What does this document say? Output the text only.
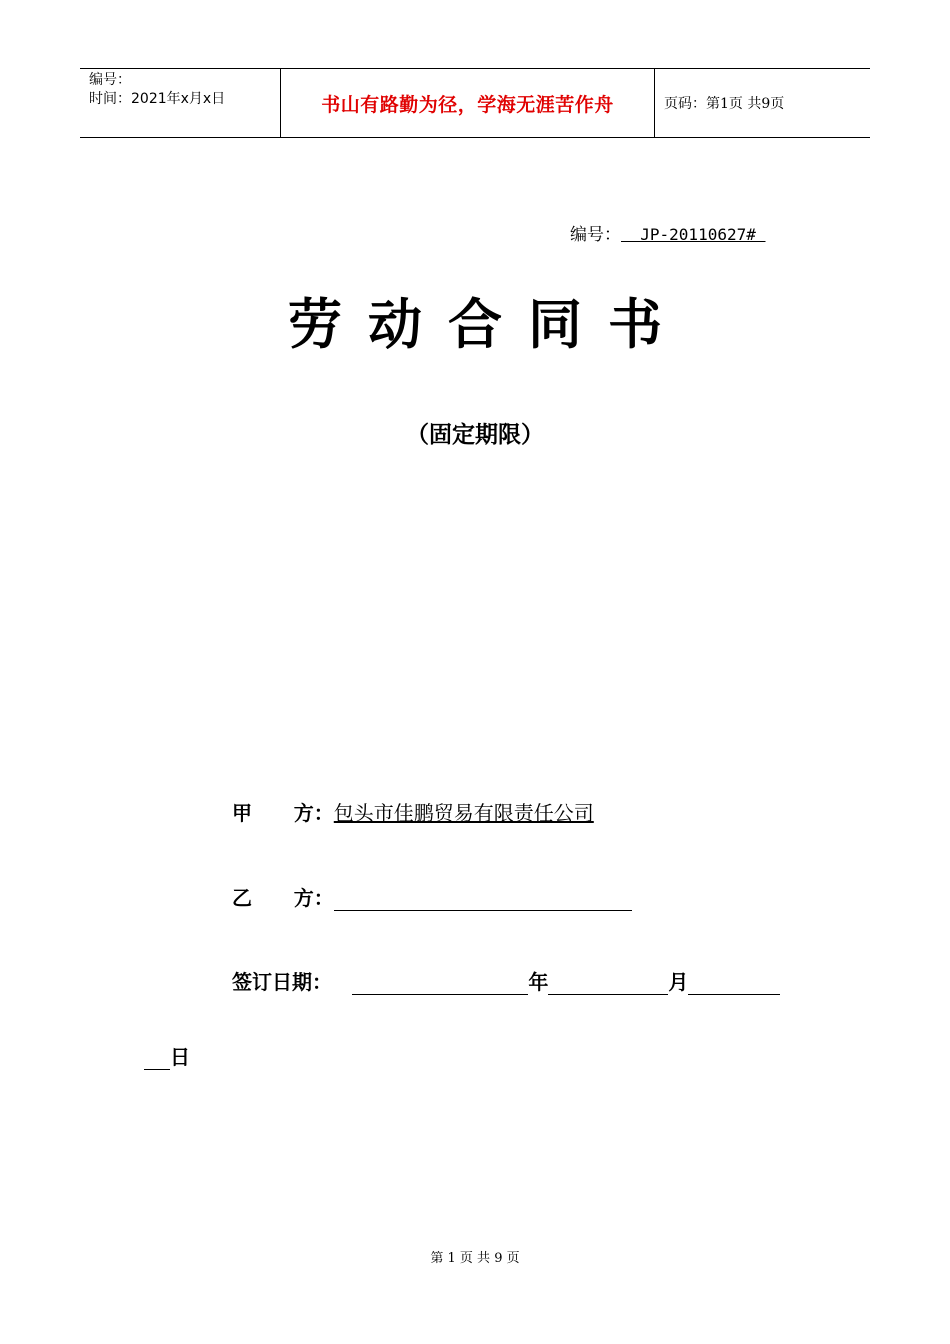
编号：
时间：2021年x月x日	书山有路勤为径，学海无涯苦作舟	页码：第1页 共9页
编号：  JP-20110627#
劳动合同书
（固定期限）
甲      方：包头市佳鹏贸易有限责任公司
乙      方：
签订日期：	年	月
日
第 1 页 共 9 页
